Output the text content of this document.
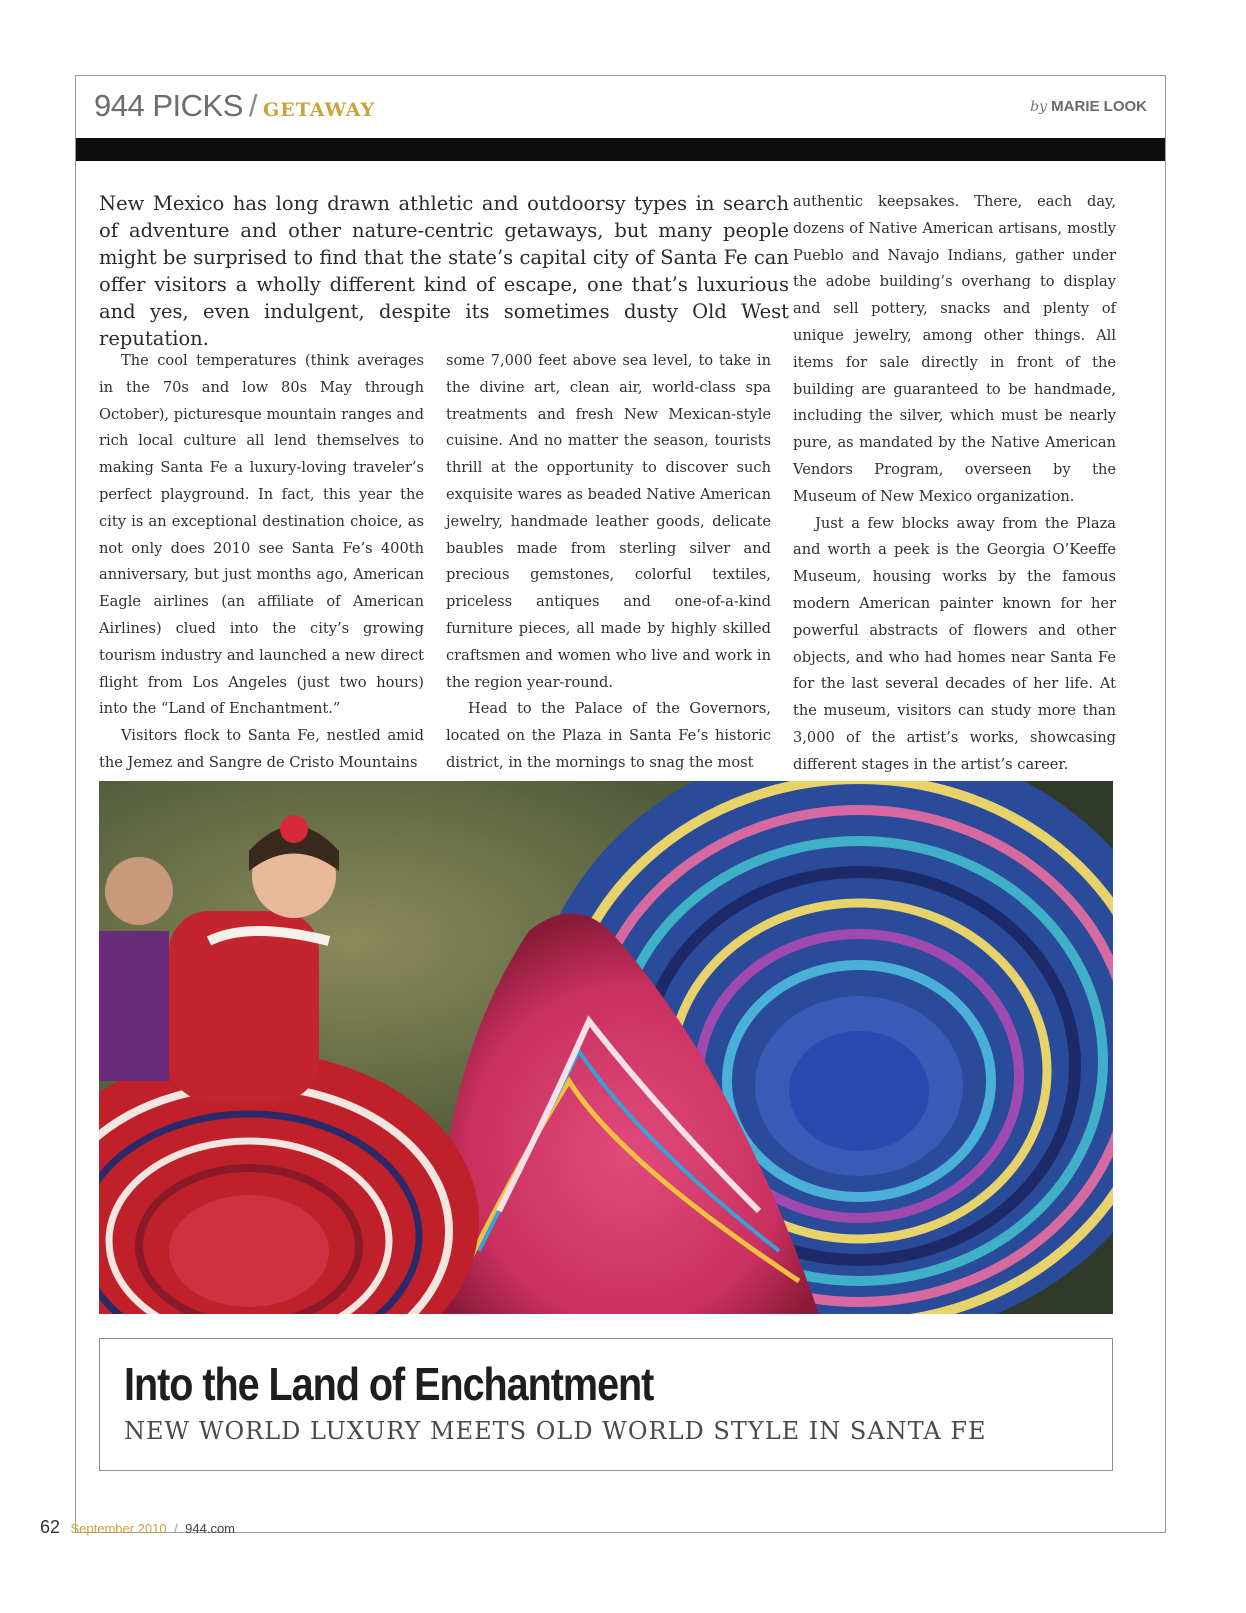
944 PICKS / GETAWAY	by MARIE LOOK
New Mexico has long drawn athletic and outdoorsy types in search of adventure and other nature-centric getaways, but many people might be surprised to find that the state’s capital city of Santa Fe can offer visitors a wholly different kind of escape, one that’s luxurious and yes, even indulgent, despite its sometimes dusty Old West reputation.

The cool temperatures (think averages in the 70s and low 80s May through October), picturesque mountain ranges and rich local culture all lend themselves to making Santa Fe a luxury-loving traveler’s perfect playground. In fact, this year the city is an exceptional destination choice, as not only does 2010 see Santa Fe’s 400th anniversary, but just months ago, American Eagle airlines (an affiliate of American Airlines) clued into the city’s growing tourism industry and launched a new direct flight from Los Angeles (just two hours) into the “Land of Enchantment.”

Visitors flock to Santa Fe, nestled amid the Jemez and Sangre de Cristo Mountains

some 7,000 feet above sea level, to take in the divine art, clean air, world-class spa treatments and fresh New Mexican-style cuisine. And no matter the season, tourists thrill at the opportunity to discover such exquisite wares as beaded Native American jewelry, handmade leather goods, delicate baubles made from sterling silver and precious gemstones, colorful textiles, priceless antiques and one-of-a-kind furniture pieces, all made by highly skilled craftsmen and women who live and work in the region year-round.

Head to the Palace of the Governors, located on the Plaza in Santa Fe’s historic district, in the mornings to snag the most

authentic keepsakes. There, each day, dozens of Native American artisans, mostly Pueblo and Navajo Indians, gather under the adobe building’s overhang to display and sell pottery, snacks and plenty of unique jewelry, among other things. All items for sale directly in front of the building are guaranteed to be handmade, including the silver, which must be nearly pure, as mandated by the Native American Vendors Program, overseen by the Museum of New Mexico organization.

Just a few blocks away from the Plaza and worth a peek is the Georgia O’Keeffe Museum, housing works by the famous modern American painter known for her powerful abstracts of flowers and other objects, and who had homes near Santa Fe for the last several decades of her life. At the museum, visitors can study more than 3,000 of the artist’s works, showcasing different stages in the artist’s career.

Into the Land of Enchantment
NEW WORLD LUXURY MEETS OLD WORLD STYLE IN SANTA FE
62 September 2010 / 944.com
